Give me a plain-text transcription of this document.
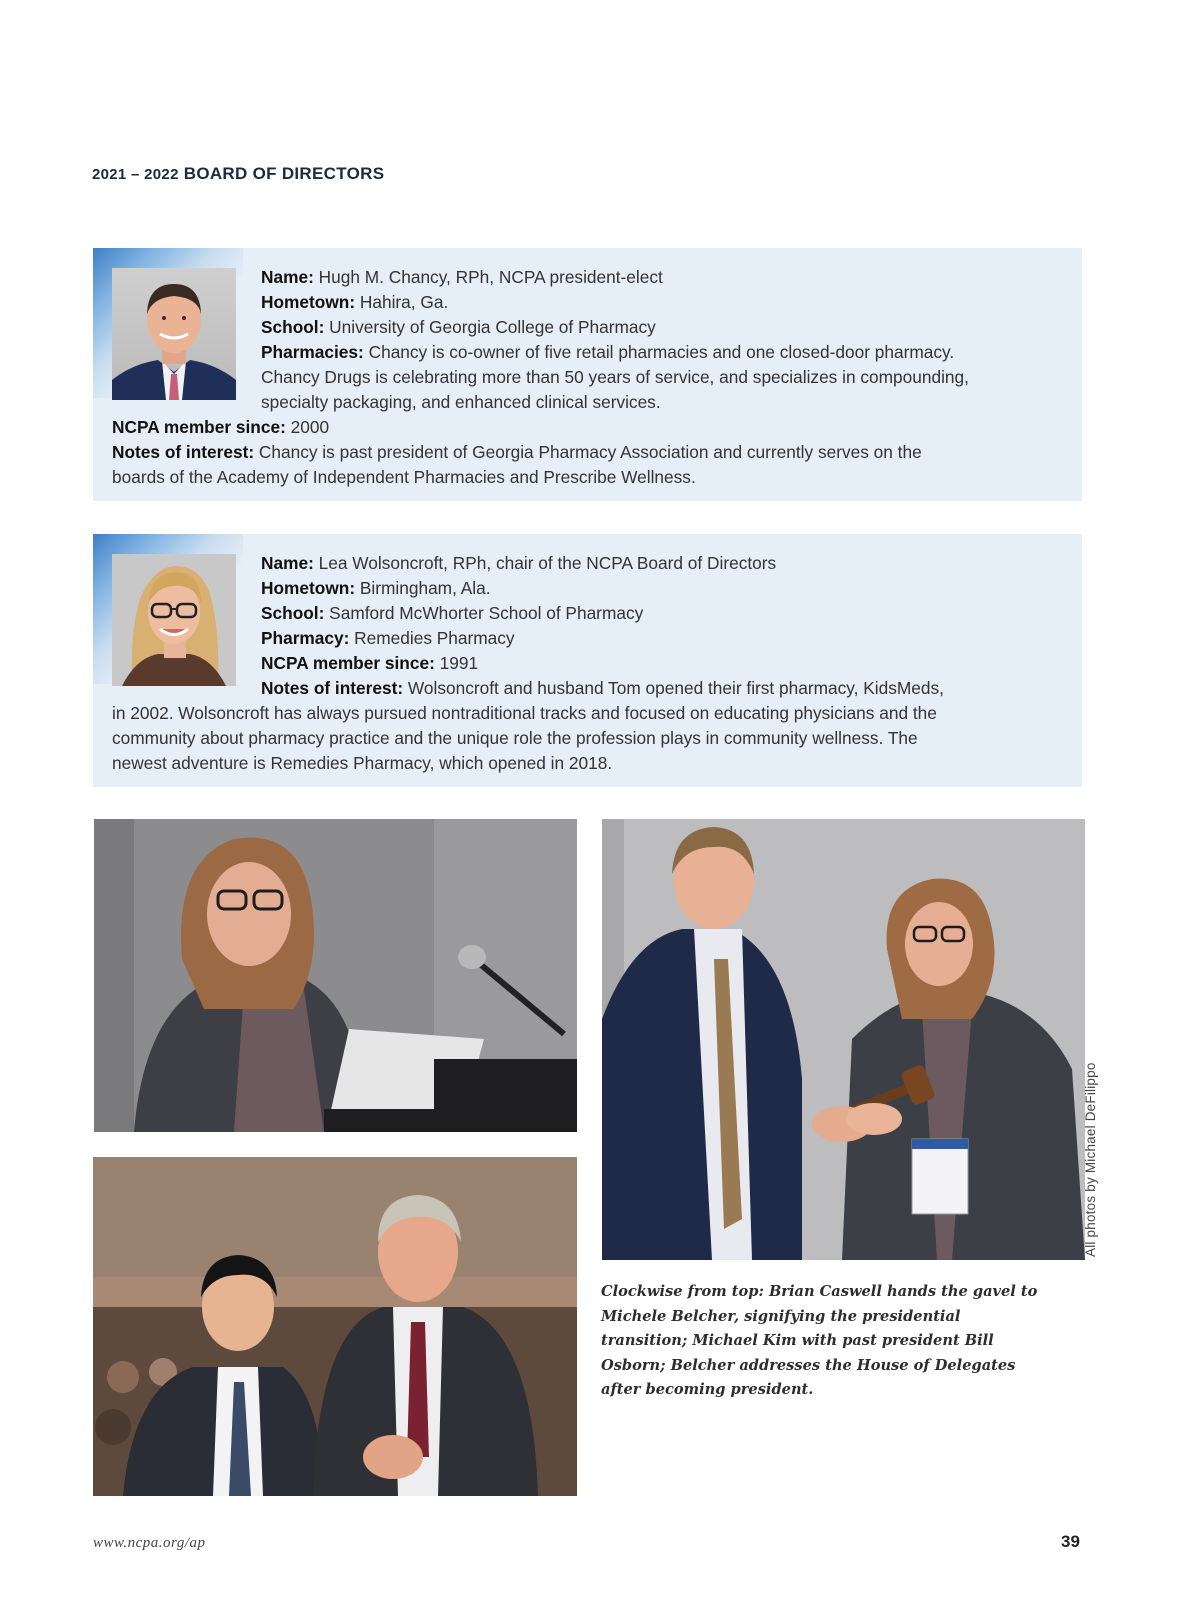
2021 – 2022 BOARD OF DIRECTORS

Name: Hugh M. Chancy, RPh, NCPA president-elect

Hometown: Hahira, Ga.

School: University of Georgia College of Pharmacy

Pharmacies: Chancy is co-owner of five retail pharmacies and one closed-door pharmacy.

Chancy Drugs is celebrating more than 50 years of service, and specializes in compounding,

specialty packaging, and enhanced clinical services.

NCPA member since: 2000

Notes of interest: Chancy is past president of Georgia Pharmacy Association and currently serves on the

boards of the Academy of Independent Pharmacies and Prescribe Wellness.

Name: Lea Wolsoncroft, RPh, chair of the NCPA Board of Directors

Hometown: Birmingham, Ala.

School: Samford McWhorter School of Pharmacy

Pharmacy: Remedies Pharmacy

NCPA member since: 1991

Notes of interest: Wolsoncroft and husband Tom opened their first pharmacy, KidsMeds,

in 2002. Wolsoncroft has always pursued nontraditional tracks and focused on educating physicians and the

community about pharmacy practice and the unique role the profession plays in community wellness. The

newest adventure is Remedies Pharmacy, which opened in 2018.

Clockwise from top: Brian Caswell hands the gavel to Michele Belcher, signifying the presidential transition; Michael Kim with past president Bill Osborn; Belcher addresses the House of Delegates after becoming president.
All photos by Michael DeFilippo
www.ncpa.org/ap	39
